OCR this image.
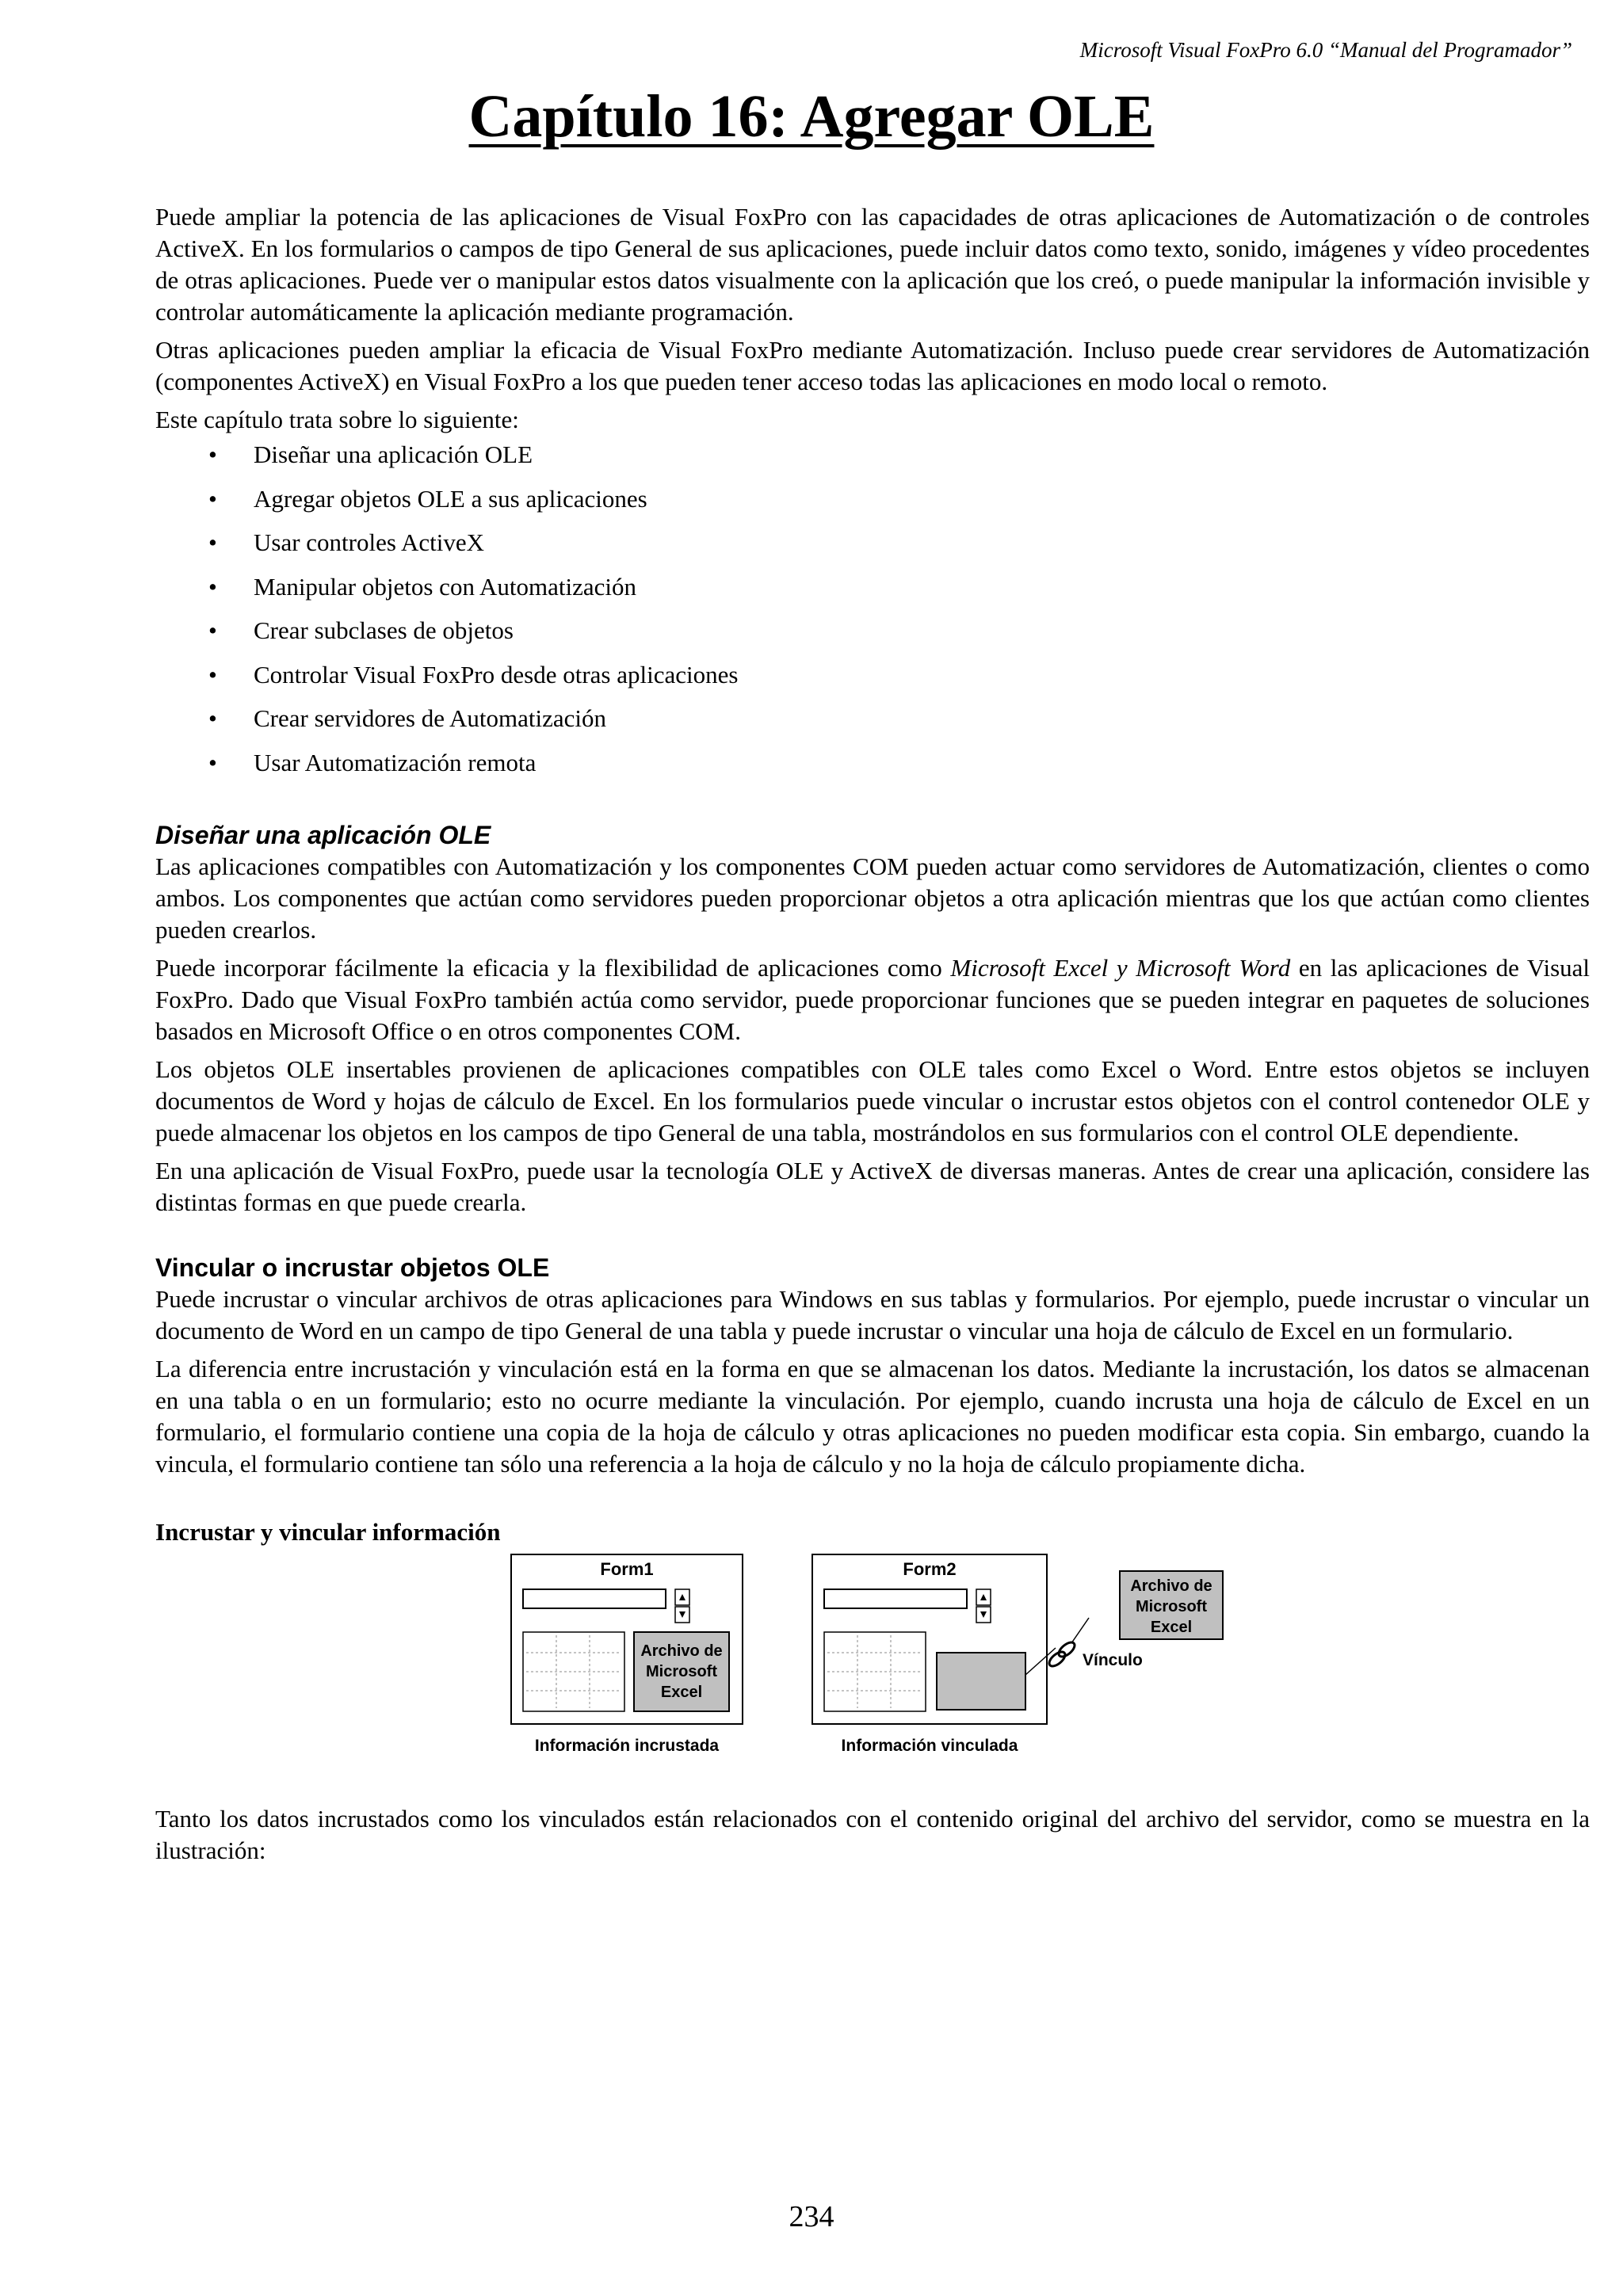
Microsoft Visual FoxPro 6.0 “Manual del Programador”
Capítulo 16: Agregar OLE

Puede ampliar la potencia de las aplicaciones de Visual FoxPro con las capacidades de otras aplicaciones de Automatización o de controles ActiveX. En los formularios o campos de tipo General de sus aplicaciones, puede incluir datos como texto, sonido, imágenes y vídeo procedentes de otras aplicaciones. Puede ver o manipular estos datos visualmente con la aplicación que los creó, o puede manipular la información invisible y controlar automáticamente la aplicación mediante programación.

Otras aplicaciones pueden ampliar la eficacia de Visual FoxPro mediante Automatización. Incluso puede crear servidores de Automatización (componentes ActiveX) en Visual FoxPro a los que pueden tener acceso todas las aplicaciones en modo local o remoto.

Este capítulo trata sobre lo siguiente:

• Diseñar una aplicación OLE
• Agregar objetos OLE a sus aplicaciones
• Usar controles ActiveX
• Manipular objetos con Automatización
• Crear subclases de objetos
• Controlar Visual FoxPro desde otras aplicaciones
• Crear servidores de Automatización
• Usar Automatización remota
Diseñar una aplicación OLE

Las aplicaciones compatibles con Automatización y los componentes COM pueden actuar como servidores de Automatización, clientes o como ambos. Los componentes que actúan como servidores pueden proporcionar objetos a otra aplicación mientras que los que actúan como clientes pueden crearlos.

Puede incorporar fácilmente la eficacia y la flexibilidad de aplicaciones como Microsoft Excel y Microsoft Word en las aplicaciones de Visual FoxPro. Dado que Visual FoxPro también actúa como servidor, puede proporcionar funciones que se pueden integrar en paquetes de soluciones basados en Microsoft Office o en otros componentes COM.

Los objetos OLE insertables provienen de aplicaciones compatibles con OLE tales como Excel o Word. Entre estos objetos se incluyen documentos de Word y hojas de cálculo de Excel. En los formularios puede vincular o incrustar estos objetos con el control contenedor OLE y puede almacenar los objetos en los campos de tipo General de una tabla, mostrándolos en sus formularios con el control OLE dependiente.

En una aplicación de Visual FoxPro, puede usar la tecnología OLE y ActiveX de diversas maneras. Antes de crear una aplicación, considere las distintas formas en que puede crearla.

Vincular o incrustar objetos OLE

Puede incrustar o vincular archivos de otras aplicaciones para Windows en sus tablas y formularios. Por ejemplo, puede incrustar o vincular un documento de Word en un campo de tipo General de una tabla y puede incrustar o vincular una hoja de cálculo de Excel en un formulario.

La diferencia entre incrustación y vinculación está en la forma en que se almacenan los datos. Mediante la incrustación, los datos se almacenan en una tabla o en un formulario; esto no ocurre mediante la vinculación. Por ejemplo, cuando incrusta una hoja de cálculo de Excel en un formulario, el formulario contiene una copia de la hoja de cálculo y otras aplicaciones no pueden modificar esta copia. Sin embargo, cuando la vincula, el formulario contiene tan sólo una referencia a la hoja de cálculo y no la hoja de cálculo propiamente dicha.

Incrustar y vincular información
Form1
Archivo de
Microsoft
Excel
Información incrustada
Form2
Información vinculada
Vínculo
Archivo de
Microsoft
Excel

Tanto los datos incrustados como los vinculados están relacionados con el contenido original del archivo del servidor, como se muestra en la ilustración:

234
